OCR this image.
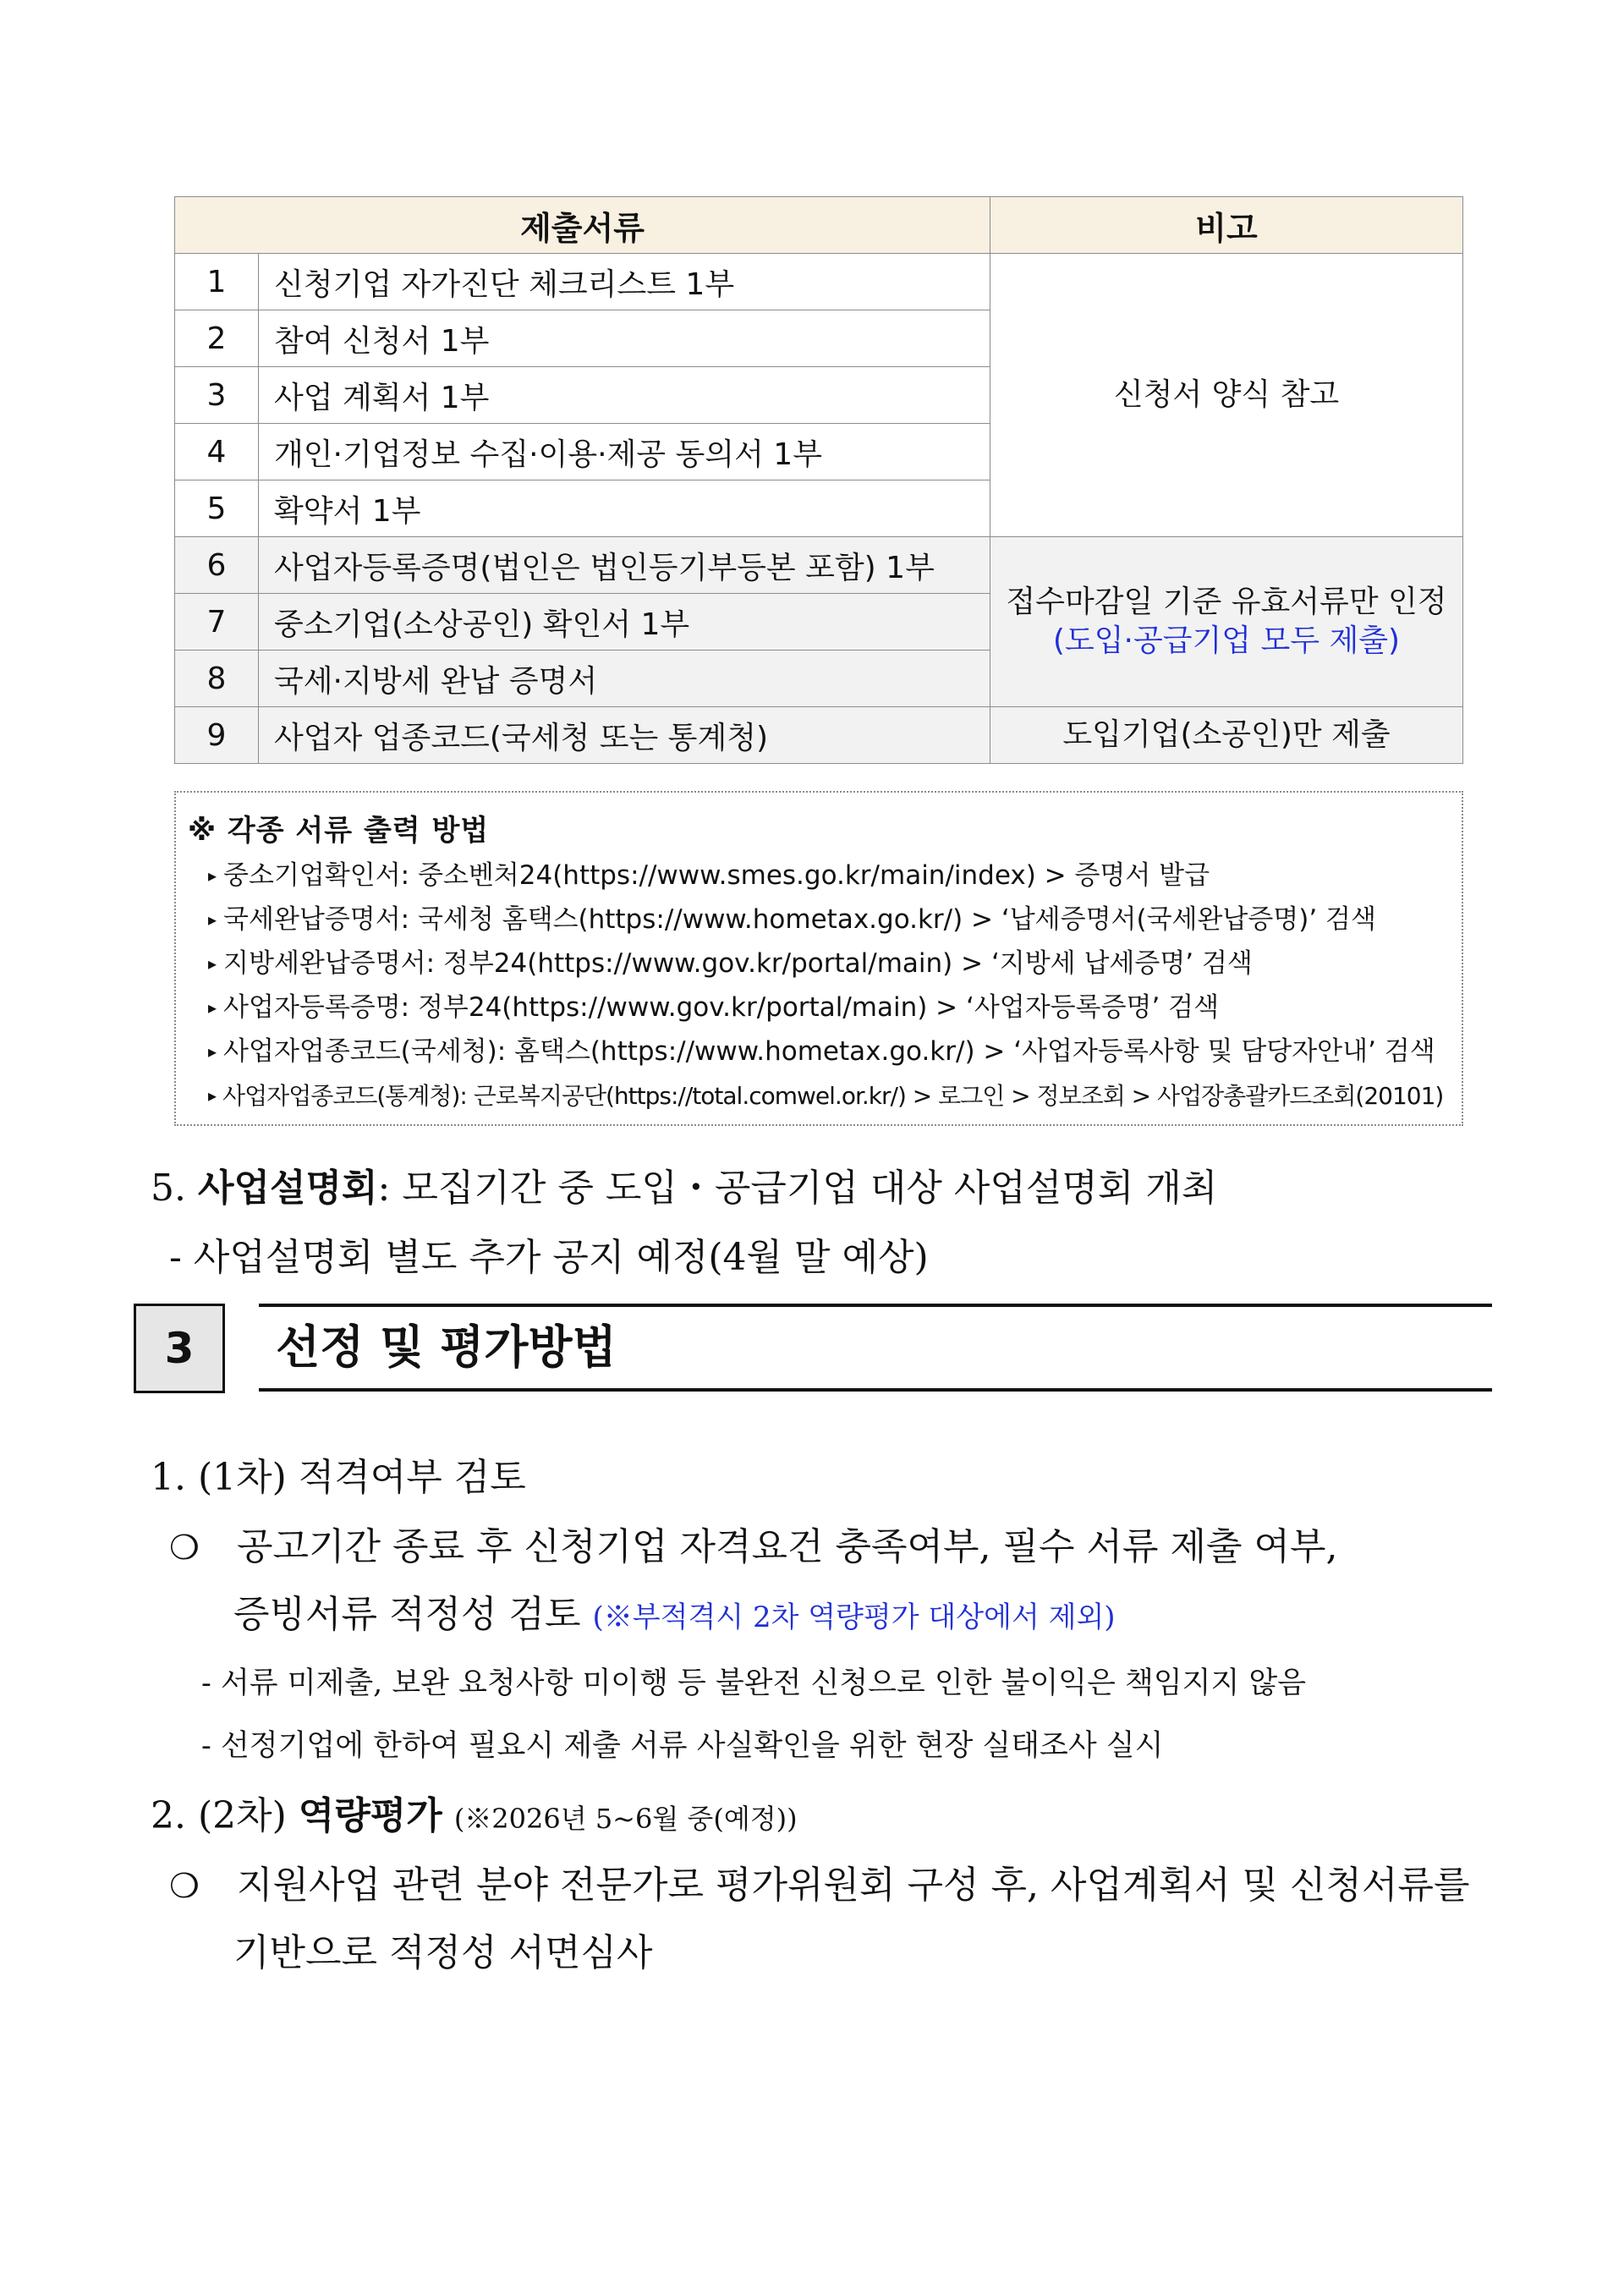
제출서류		비고
1	신청기업 자가진단 체크리스트 1부	신청서 양식 참고
2	참여 신청서 1부	
3	사업 계획서 1부	
4	개인·기업정보 수집·이용·제공 동의서 1부	
5	확약서 1부	
6	사업자등록증명(법인은 법인등기부등본 포함) 1부	접수마감일 기준 유효서류만 인정
(도입·공급기업 모두 제출)

7	중소기업(소상공인) 확인서 1부	
8	국세·지방세 완납 증명서	
9	사업자 업종코드(국세청 또는 통계청)	도입기업(소공인)만 제출
※ 각종 서류 출력 방법
▸ 중소기업확인서: 중소벤처24(https://www.smes.go.kr/main/index) > 증명서 발급
▸ 국세완납증명서: 국세청 홈택스(https://www.hometax.go.kr/) > ‘납세증명서(국세완납증명)’ 검색
▸ 지방세완납증명서: 정부24(https://www.gov.kr/portal/main) > ‘지방세 납세증명’ 검색
▸ 사업자등록증명: 정부24(https://www.gov.kr/portal/main) > ‘사업자등록증명’ 검색
▸ 사업자업종코드(국세청): 홈택스(https://www.hometax.go.kr/) > ‘사업자등록사항 및 담당자안내’ 검색
▸ 사업자업종코드(통계청): 근로복지공단(https://total.comwel.or.kr/) > 로그인 > 정보조회 > 사업장총괄카드조회(20101)
5. 사업설명회: 모집기간 중 도입・공급기업 대상 사업설명회 개최
- 사업설명회 별도 추가 공지 예정(4월 말 예상)
3	선정 및 평가방법
1. (1차) 적격여부 검토
❍ 공고기간 종료 후 신청기업 자격요건 충족여부, 필수 서류 제출 여부,
증빙서류 적정성 검토 (※부적격시 2차 역량평가 대상에서 제외)
- 서류 미제출, 보완 요청사항 미이행 등 불완전 신청으로 인한 불이익은 책임지지 않음
- 선정기업에 한하여 필요시 제출 서류 사실확인을 위한 현장 실태조사 실시
2. (2차) 역량평가 (※2026년 5~6월 중(예정))
❍ 지원사업 관련 분야 전문가로 평가위원회 구성 후, 사업계획서 및 신청서류를
기반으로 적정성 서면심사
